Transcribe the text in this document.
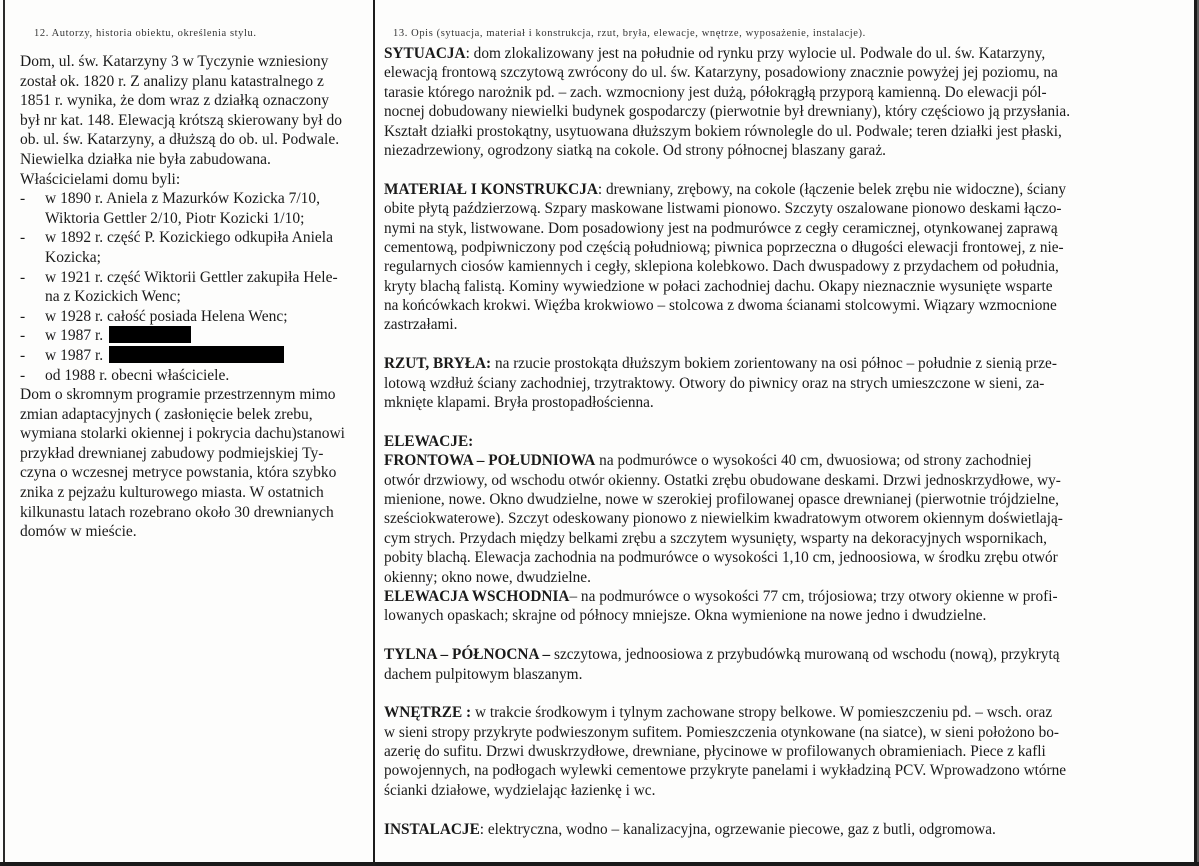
12. Autorzy, historia obiektu, określenia stylu.	13. Opis (sytuacja, materiał i konstrukcja, rzut, bryła, elewacje, wnętrze, wyposażenie, instalacje).
Dom, ul. św. Katarzyny 3 w Tyczynie wzniesiony
został ok. 1820 r. Z analizy planu katastralnego z
1851 r. wynika, że dom wraz z działką oznaczony
był nr kat. 148. Elewacją krótszą skierowany był do
ob. ul. św. Katarzyny, a dłuższą do ob. ul. Podwale.
Niewielka działka nie była zabudowana.
Właścicielami domu byli:
- w 1890 r. Aniela z Mazurków Kozicka 7/10,
Wiktoria Gettler 2/10, Piotr Kozicki 1/10;
- w 1892 r. część P. Kozickiego odkupiła Aniela
Kozicka;
- w 1921 r. część Wiktorii Gettler zakupiła Hele-
na z Kozickich Wenc;
- w 1928 r. całość posiada Helena Wenc;
- w 1987 r.
- w 1987 r.
- od 1988 r. obecni właściciele.
Dom o skromnym programie przestrzennym mimo
zmian adaptacyjnych ( zasłonięcie belek zrebu,
wymiana stolarki okiennej i pokrycia dachu)stanowi
przykład drewnianej zabudowy podmiejskiej Ty-
czyna o wczesnej metryce powstania, która szybko
znika z pejzażu kulturowego miasta. W ostatnich
kilkunastu latach rozebrano około 30 drewnianych
domów w mieście.
SYTUACJA: dom zlokalizowany jest na południe od rynku przy wylocie ul. Podwale do ul. św. Katarzyny,
elewacją frontową szczytową zwrócony do ul. św. Katarzyny, posadowiony znacznie powyżej jej poziomu, na
tarasie którego narożnik pd. – zach. wzmocniony jest dużą, półokrągłą przyporą kamienną. Do elewacji pól-
nocnej dobudowany niewielki budynek gospodarczy (pierwotnie był drewniany), który częściowo ją przysłania.
Kształt działki prostokątny, usytuowana dłuższym bokiem równolegle do ul. Podwale; teren działki jest płaski,
niezadrzewiony, ogrodzony siatką na cokole. Od strony północnej blaszany garaż.
MATERIAŁ I KONSTRUKCJA: drewniany, zrębowy, na cokole (łączenie belek zrębu nie widoczne), ściany
obite płytą paździerzową. Szpary maskowane listwami pionowo. Szczyty oszalowane pionowo deskami łączo-
nymi na styk, listwowane. Dom posadowiony jest na podmurówce z cegły ceramicznej, otynkowanej zaprawą
cementową, podpiwniczony pod częścią południową; piwnica poprzeczna o długości elewacji frontowej, z nie-
regularnych ciosów kamiennych i cegły, sklepiona kolebkowo. Dach dwuspadowy z przydachem od południa,
kryty blachą falistą. Kominy wywiedzione w połaci zachodniej dachu. Okapy nieznacznie wysunięte wsparte
na końcówkach krokwi. Więźba krokwiowo – stolcowa z dwoma ścianami stolcowymi. Wiązary wzmocnione
zastrzałami.
RZUT, BRYŁA: na rzucie prostokąta dłuższym bokiem zorientowany na osi północ – południe z sienią prze-
lotową wzdłuż ściany zachodniej, trzytraktowy. Otwory do piwnicy oraz na strych umieszczone w sieni, za-
mknięte klapami. Bryła prostopadłościenna.
ELEWACJE:
FRONTOWA – POŁUDNIOWA na podmurówce o wysokości 40 cm, dwuosiowa; od strony zachodniej
otwór drzwiowy, od wschodu otwór okienny. Ostatki zrębu obudowane deskami. Drzwi jednoskrzydłowe, wy-
mienione, nowe. Okno dwudzielne, nowe w szerokiej profilowanej opasce drewnianej (pierwotnie trójdzielne,
sześciokwaterowe). Szczyt odeskowany pionowo z niewielkim kwadratowym otworem okiennym doświetlają-
cym strych. Przydach między belkami zrębu a szczytem wysunięty, wsparty na dekoracyjnych wspornikach,
pobity blachą. Elewacja zachodnia na podmurówce o wysokości 1,10 cm, jednoosiowa, w środku zrębu otwór
okienny; okno nowe, dwudzielne.
ELEWACJA WSCHODNIA– na podmurówce o wysokości 77 cm, trójosiowa; trzy otwory okienne w profi-
lowanych opaskach; skrajne od północy mniejsze. Okna wymienione na nowe jedno i dwudzielne.
TYLNA – PÓŁNOCNA – szczytowa, jednoosiowa z przybudówką murowaną od wschodu (nową), przykrytą
dachem pulpitowym blaszanym.
WNĘTRZE : w trakcie środkowym i tylnym zachowane stropy belkowe. W pomieszczeniu pd. – wsch. oraz
w sieni stropy przykryte podwieszonym sufitem. Pomieszczenia otynkowane (na siatce), w sieni położono bo-
azerię do sufitu. Drzwi dwuskrzydłowe, drewniane, płycinowe w profilowanych obramieniach. Piece z kafli
powojennych, na podłogach wylewki cementowe przykryte panelami i wykładziną PCV. Wprowadzono wtórne
ścianki działowe, wydzielając łazienkę i wc.
INSTALACJE: elektryczna, wodno – kanalizacyjna, ogrzewanie piecowe, gaz z butli, odgromowa.
